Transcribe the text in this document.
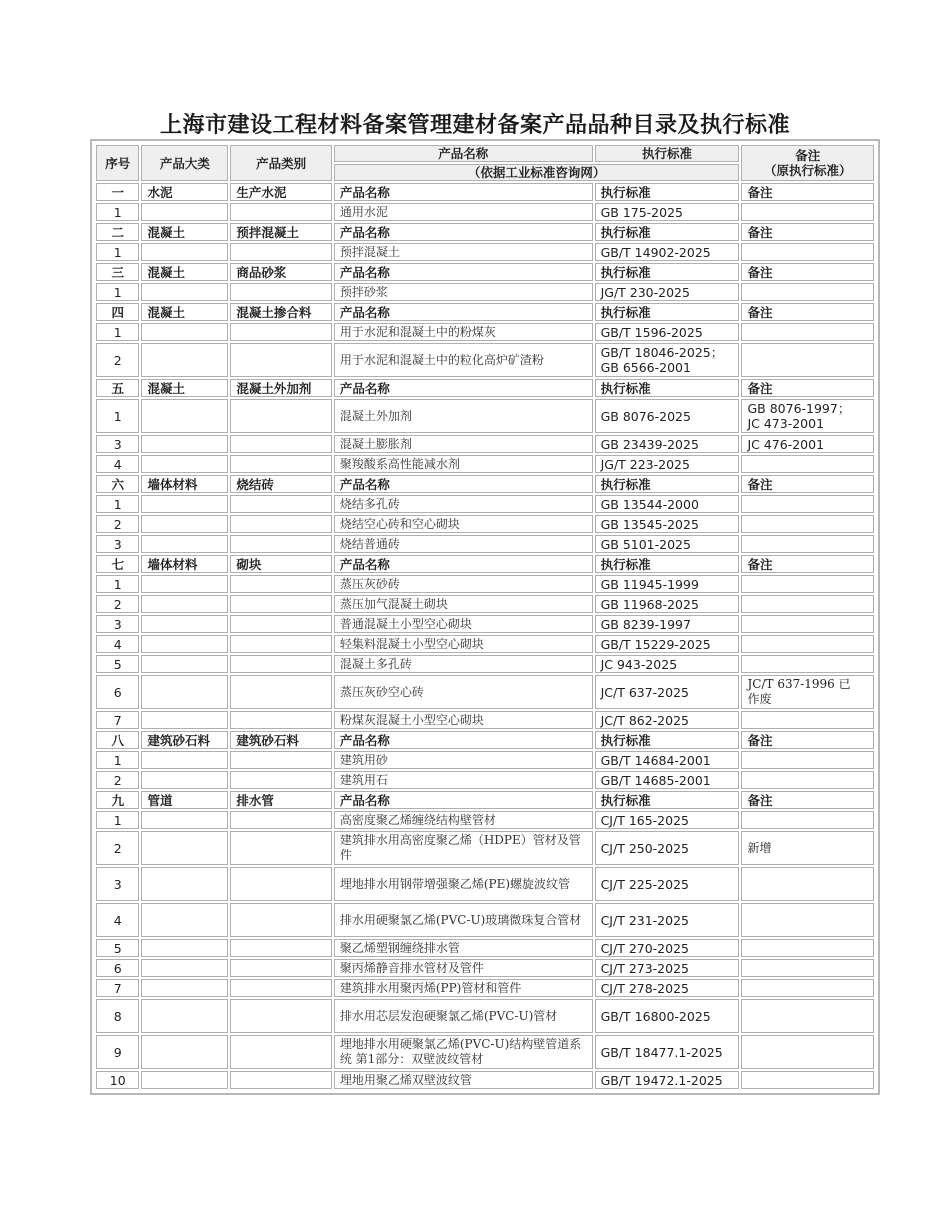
上海市建设工程材料备案管理建材备案产品品种目录及执行标准
序号	产品大类	产品类别	产品名称	执行标准	备注
（原执行标准）

			（依据工业标准咨询网）		
一	水泥	生产水泥	产品名称	执行标准	备注
1			通用水泥	GB 175-2025	
二	混凝土	预拌混凝土	产品名称	执行标准	备注
1			预拌混凝土	GB/T 14902-2025	
三	混凝土	商品砂浆	产品名称	执行标准	备注
1			预拌砂浆	JG/T 230-2025	
四	混凝土	混凝土掺合料	产品名称	执行标准	备注
1			用于水泥和混凝土中的粉煤灰	GB/T 1596-2025	
2			用于水泥和混凝土中的粒化高炉矿渣粉	GB/T 18046-2025；
GB 6566-2001	
五	混凝土	混凝土外加剂	产品名称	执行标准	备注
1			混凝土外加剂	GB 8076-2025	GB 8076-1997；
JC 473-2001
3			混凝土膨胀剂	GB 23439-2025	JC 476-2001
4			聚羧酸系高性能减水剂	JG/T 223-2025	
六	墙体材料	烧结砖	产品名称	执行标准	备注
1			烧结多孔砖	GB 13544-2000	
2			烧结空心砖和空心砌块	GB 13545-2025	
3			烧结普通砖	GB 5101-2025	
七	墙体材料	砌块	产品名称	执行标准	备注
1			蒸压灰砂砖	GB 11945-1999	
2			蒸压加气混凝土砌块	GB 11968-2025	
3			普通混凝土小型空心砌块	GB 8239-1997	
4			轻集料混凝土小型空心砌块	GB/T 15229-2025	
5			混凝土多孔砖	JC 943-2025	
6			蒸压灰砂空心砖	JC/T 637-2025	JC/T 637-1996 已
作废
7			粉煤灰混凝土小型空心砌块	JC/T 862-2025	
八	建筑砂石料	建筑砂石料	产品名称	执行标准	备注
1			建筑用砂	GB/T 14684-2001	
2			建筑用石	GB/T 14685-2001	
九	管道	排水管	产品名称	执行标准	备注
1			高密度聚乙烯缠绕结构壁管材	CJ/T 165-2025	
2			建筑排水用高密度聚乙烯（HDPE）管材及管件	CJ/T 250-2025	新增
3			埋地排水用钢带增强聚乙烯(PE)螺旋波纹管	CJ/T 225-2025	
4			排水用硬聚氯乙烯(PVC-U)玻璃微珠复合管材	CJ/T 231-2025	
5			聚乙烯塑钢缠绕排水管	CJ/T 270-2025	
6			聚丙烯静音排水管材及管件	CJ/T 273-2025	
7			建筑排水用聚丙烯(PP)管材和管件	CJ/T 278-2025	
8			排水用芯层发泡硬聚氯乙烯(PVC-U)管材	GB/T 16800-2025	
9			埋地排水用硬聚氯乙烯(PVC-U)结构壁管道系统 第1部分：双壁波纹管材	GB/T 18477.1-2025	
10			埋地用聚乙烯双壁波纹管	GB/T 19472.1-2025	
